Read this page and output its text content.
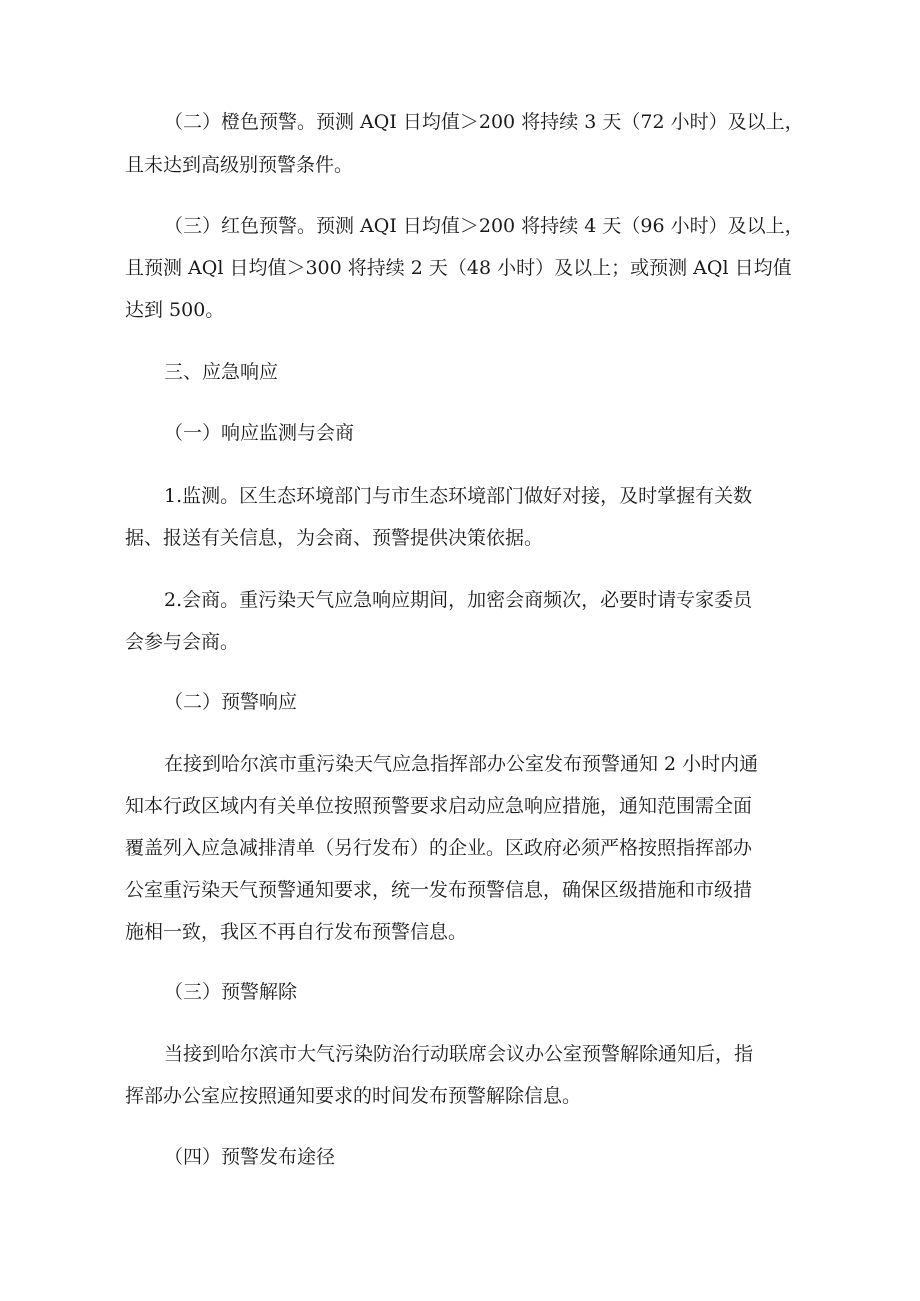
（二）橙色预警。预测 AQI 日均值＞200 将持续 3 天（72 小时）及以上，

且未达到高级别预警条件。

（三）红色预警。预测 AQI 日均值＞200 将持续 4 天（96 小时）及以上，

且预测 AQl 日均值＞300 将持续 2 天（48 小时）及以上；或预测 AQl 日均值

达到 500。

三、应急响应

（一）响应监测与会商

1.监测。区生态环境部门与市生态环境部门做好对接，及时掌握有关数

据、报送有关信息，为会商、预警提供决策依据。

2.会商。重污染天气应急响应期间，加密会商频次，必要时请专家委员

会参与会商。

（二）预警响应

在接到哈尔滨市重污染天气应急指挥部办公室发布预警通知 2 小时内通

知本行政区域内有关单位按照预警要求启动应急响应措施，通知范围需全面

覆盖列入应急减排清单（另行发布）的企业。区政府必须严格按照指挥部办

公室重污染天气预警通知要求，统一发布预警信息，确保区级措施和市级措

施相一致，我区不再自行发布预警信息。

（三）预警解除

当接到哈尔滨市大气污染防治行动联席会议办公室预警解除通知后，指

挥部办公室应按照通知要求的时间发布预警解除信息。

（四）预警发布途径
